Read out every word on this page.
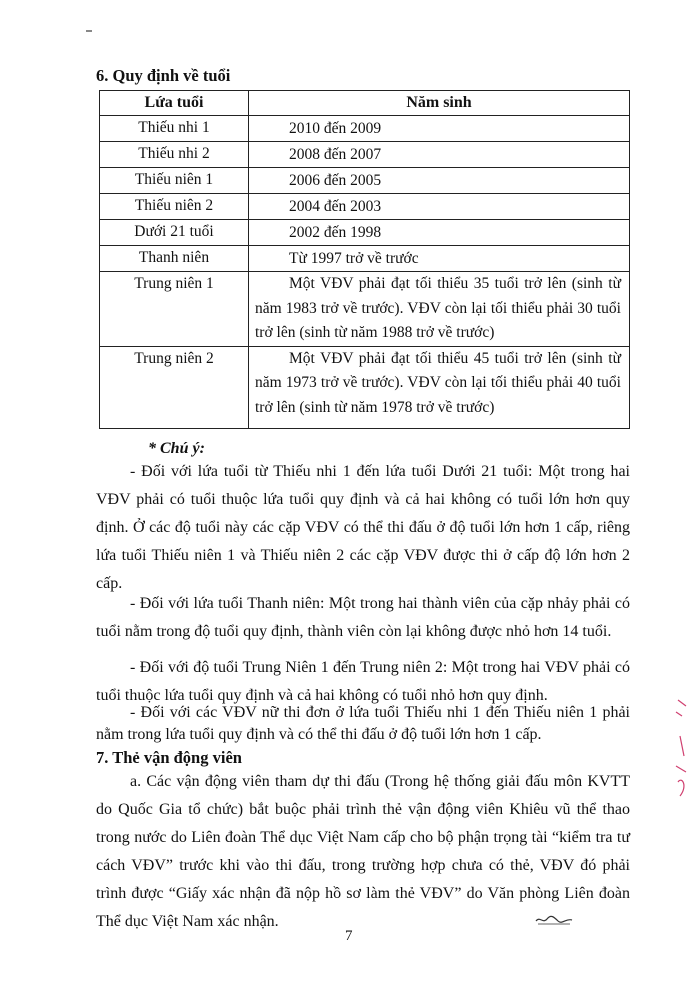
6. Quy định về tuổi
Lứa tuổi	Năm sinh
Thiếu nhi 1	2010 đến 2009
Thiếu nhi 2	2008 đến 2007
Thiếu niên 1	2006 đến 2005
Thiếu niên 2	2004 đến 2003
Dưới 21 tuổi	2002 đến 1998
Thanh niên	Từ 1997 trở về trước
Trung niên 1	Một VĐV phải đạt tối thiểu 35 tuổi trở lên (sinh từ năm 1983 trở về trước). VĐV còn lại tối thiểu phải 30 tuổi trở lên (sinh từ năm 1988 trở về trước)

Trung niên 2	Một VĐV phải đạt tối thiểu 45 tuổi trở lên (sinh từ năm 1973 trở về trước). VĐV còn lại tối thiểu phải 40 tuổi trở lên (sinh từ năm 1978 trở về trước)
* Chú ý:

- Đối với lứa tuổi từ Thiếu nhi 1 đến lứa tuổi Dưới 21 tuổi: Một trong hai VĐV phải có tuổi thuộc lứa tuổi quy định và cả hai không có tuổi lớn hơn quy định. Ở các độ tuổi này các cặp VĐV có thể thi đấu ở độ tuổi lớn hơn 1 cấp, riêng lứa tuổi Thiếu niên 1 và Thiếu niên 2 các cặp VĐV được thi ở cấp độ lớn hơn 2 cấp.

- Đối với lứa tuổi Thanh niên: Một trong hai thành viên của cặp nhảy phải có tuổi nằm trong độ tuổi quy định, thành viên còn lại không được nhỏ hơn 14 tuổi.

- Đối với độ tuổi Trung Niên 1 đến Trung niên 2: Một trong hai VĐV phải có tuổi thuộc lứa tuổi quy định và cả hai không có tuổi nhỏ hơn quy định.

- Đối với các VĐV nữ thi đơn ở lứa tuổi Thiếu nhi 1 đến Thiếu niên 1 phải nằm trong lứa tuổi quy định và có thể thi đấu ở độ tuổi lớn hơn 1 cấp.

7. Thẻ vận động viên

a. Các vận động viên tham dự thi đấu (Trong hệ thống giải đấu môn KVTT do Quốc Gia tổ chức) bắt buộc phải trình thẻ vận động viên Khiêu vũ thể thao trong nước do Liên đoàn Thể dục Việt Nam cấp cho bộ phận trọng tài “kiểm tra tư cách VĐV” trước khi vào thi đấu, trong trường hợp chưa có thẻ, VĐV đó phải trình được “Giấy xác nhận đã nộp hồ sơ làm thẻ VĐV” do Văn phòng Liên đoàn Thể dục Việt Nam xác nhận.

7
